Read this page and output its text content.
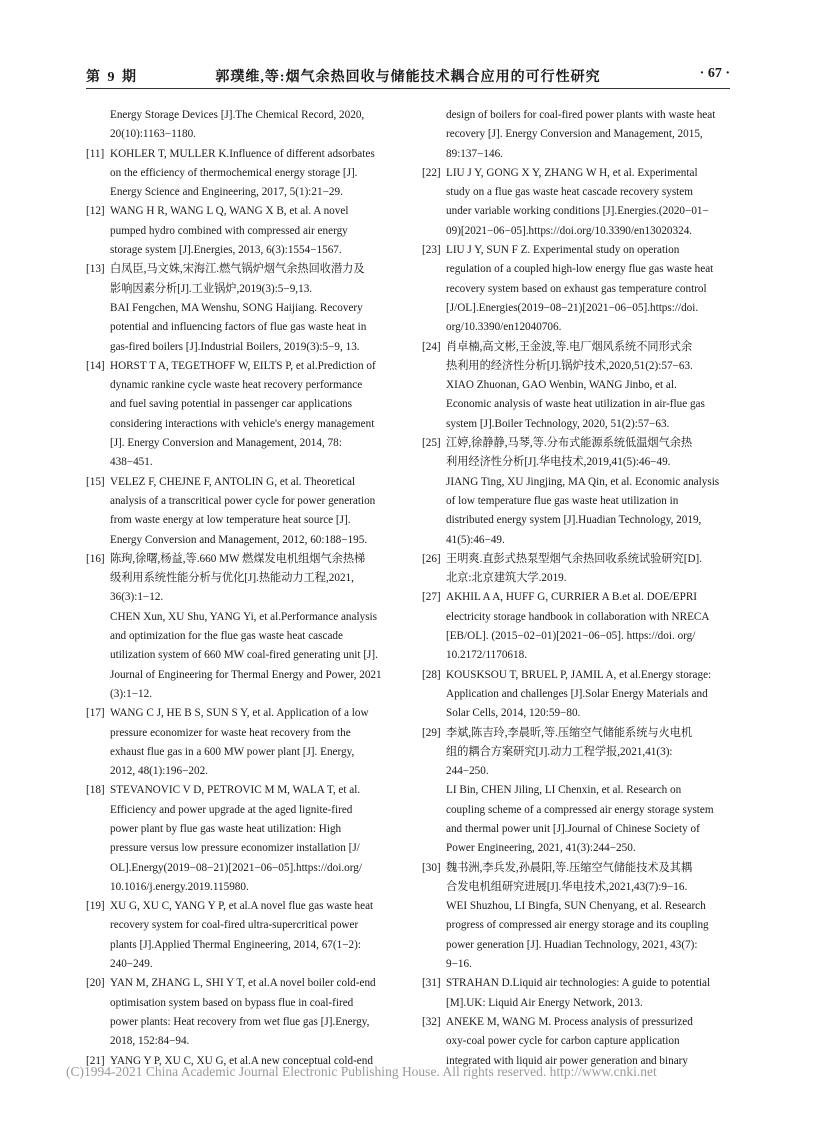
第 9 期	郭璞维,等:烟气余热回收与储能技术耦合应用的可行性研究	· 67 ·
Energy Storage Devices [J].The Chemical Record, 2020,
20(10):1163−1180.
[11] KOHLER T, MULLER K.Influence of different adsorbates
on the efficiency of thermochemical energy storage [J].
Energy Science and Engineering, 2017, 5(1):21−29.
[12] WANG H R, WANG L Q, WANG X B, et al. A novel
pumped hydro combined with compressed air energy
storage system [J].Energies, 2013, 6(3):1554−1567.
[13] 白凤臣,马文姝,宋海江.燃气锅炉烟气余热回收潜力及
影响因素分析[J].工业锅炉,2019(3):5−9,13.
BAI Fengchen, MA Wenshu, SONG Haijiang. Recovery
potential and influencing factors of flue gas waste heat in
gas-fired boilers [J].Industrial Boilers, 2019(3):5−9, 13.
[14] HORST T A, TEGETHOFF W, EILTS P, et al.Prediction of
dynamic rankine cycle waste heat recovery performance
and fuel saving potential in passenger car applications
considering interactions with vehicle's energy management
[J]. Energy Conversion and Management, 2014, 78:
438−451.
[15] VELEZ F, CHEJNE F, ANTOLIN G, et al. Theoretical
analysis of a transcritical power cycle for power generation
from waste energy at low temperature heat source [J].
Energy Conversion and Management, 2012, 60:188−195.
[16] 陈珣,徐曙,杨益,等.660 MW 燃煤发电机组烟气余热梯
级利用系统性能分析与优化[J].热能动力工程,2021,
36(3):1−12.
CHEN Xun, XU Shu, YANG Yi, et al.Performance analysis
and optimization for the flue gas waste heat cascade
utilization system of 660 MW coal-fired generating unit [J].
Journal of Engineering for Thermal Energy and Power, 2021
(3):1−12.
[17] WANG C J, HE B S, SUN S Y, et al. Application of a low
pressure economizer for waste heat recovery from the
exhaust flue gas in a 600 MW power plant [J]. Energy,
2012, 48(1):196−202.
[18] STEVANOVIC V D, PETROVIC M M, WALA T, et al.
Efficiency and power upgrade at the aged lignite-fired
power plant by flue gas waste heat utilization: High
pressure versus low pressure economizer installation [J/
OL].Energy(2019−08−21)[2021−06−05].https://doi.org/
10.1016/j.energy.2019.115980.
[19] XU G, XU C, YANG Y P, et al.A novel flue gas waste heat
recovery system for coal-fired ultra-supercritical power
plants [J].Applied Thermal Engineering, 2014, 67(1−2):
240−249.
[20] YAN M, ZHANG L, SHI Y T, et al.A novel boiler cold-end
optimisation system based on bypass flue in coal-fired
power plants: Heat recovery from wet flue gas [J].Energy,
2018, 152:84−94.
[21] YANG Y P, XU C, XU G, et al.A new conceptual cold-end
design of boilers for coal-fired power plants with waste heat
recovery [J]. Energy Conversion and Management, 2015,
89:137−146.
[22] LIU J Y, GONG X Y, ZHANG W H, et al. Experimental
study on a flue gas waste heat cascade recovery system
under variable working conditions [J].Energies.(2020−01−
09)[2021−06−05].https://doi.org/10.3390/en13020324.
[23] LIU J Y, SUN F Z. Experimental study on operation
regulation of a coupled high-low energy flue gas waste heat
recovery system based on exhaust gas temperature control
[J/OL].Energies(2019−08−21)[2021−06−05].https://doi.
org/10.3390/en12040706.
[24] 肖卓楠,高文彬,王金波,等.电厂烟风系统不同形式余
热利用的经济性分析[J].锅炉技术,2020,51(2):57−63.
XIAO Zhuonan, GAO Wenbin, WANG Jinbo, et al.
Economic analysis of waste heat utilization in air-flue gas
system [J].Boiler Technology, 2020, 51(2):57−63.
[25] 江婷,徐静静,马琴,等.分布式能源系统低温烟气余热
利用经济性分析[J].华电技术,2019,41(5):46−49.
JIANG Ting, XU Jingjing, MA Qin, et al. Economic analysis
of low temperature flue gas waste heat utilization in
distributed energy system [J].Huadian Technology, 2019,
41(5):46−49.
[26] 王明爽.直彭式热泵型烟气余热回收系统试验研究[D].
北京:北京建筑大学.2019.
[27] AKHIL A A, HUFF G, CURRIER A B.et al. DOE/EPRI
electricity storage handbook in collaboration with NRECA
[EB/OL]. (2015−02−01)[2021−06−05]. https://doi. org/
10.2172/1170618.
[28] KOUSKSOU T, BRUEL P, JAMIL A, et al.Energy storage:
Application and challenges [J].Solar Energy Materials and
Solar Cells, 2014, 120:59−80.
[29] 李斌,陈吉玲,李晨昕,等.压缩空气储能系统与火电机
组的耦合方案研究[J].动力工程学报,2021,41(3):
244−250.
LI Bin, CHEN Jiling, LI Chenxin, et al. Research on
coupling scheme of a compressed air energy storage system
and thermal power unit [J].Journal of Chinese Society of
Power Engineering, 2021, 41(3):244−250.
[30] 魏书洲,李兵发,孙晨阳,等.压缩空气储能技术及其耦
合发电机组研究进展[J].华电技术,2021,43(7):9−16.
WEI Shuzhou, LI Bingfa, SUN Chenyang, et al. Research
progress of compressed air energy storage and its coupling
power generation [J]. Huadian Technology, 2021, 43(7):
9−16.
[31] STRAHAN D.Liquid air technologies: A guide to potential
[M].UK: Liquid Air Energy Network, 2013.
[32] ANEKE M, WANG M. Process analysis of pressurized
oxy-coal power cycle for carbon capture application
integrated with liquid air power generation and binary
(C)1994-2021 China Academic Journal Electronic Publishing House. All rights reserved. http://www.cnki.net
